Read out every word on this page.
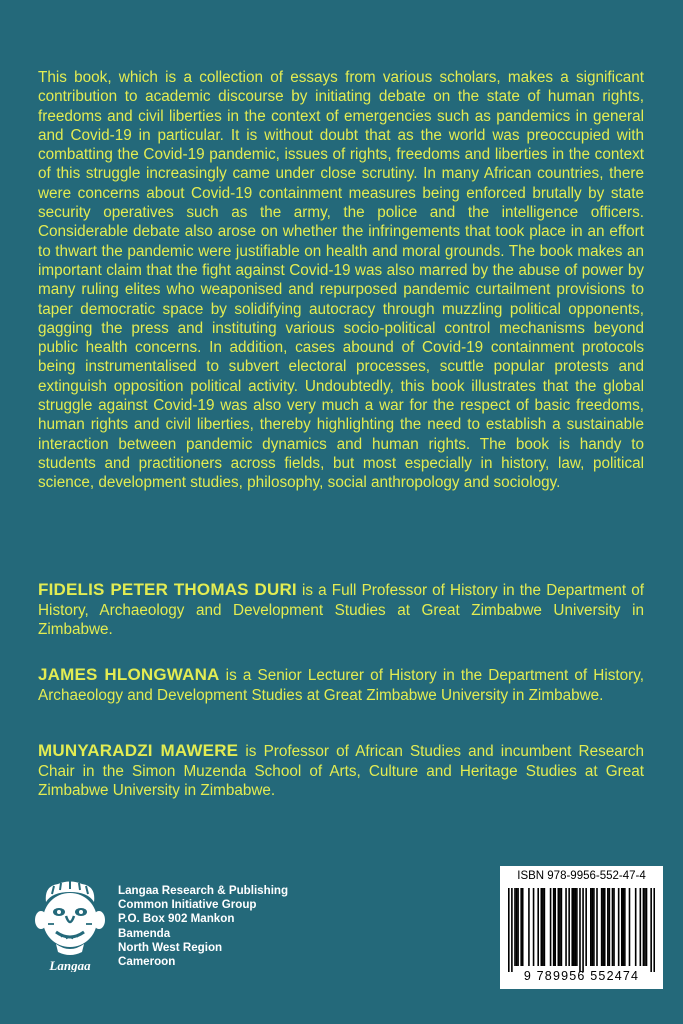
This book, which is a collection of essays from various scholars, makes a significant contribution to academic discourse by initiating debate on the state of human rights, freedoms and civil liberties in the context of emergencies such as pandemics in general and Covid-19 in particular. It is without doubt that as the world was preoccupied with combatting the Covid-19 pandemic, issues of rights, freedoms and liberties in the context of this struggle increasingly came under close scrutiny. In many African countries, there were concerns about Covid-19 containment measures being enforced brutally by state security operatives such as the army, the police and the intelligence officers. Considerable debate also arose on whether the infringements that took place in an effort to thwart the pandemic were justifiable on health and moral grounds. The book makes an important claim that the fight against Covid-19 was also marred by the abuse of power by many ruling elites who weaponised and repurposed pandemic curtailment provisions to taper democratic space by solidifying autocracy through muzzling political opponents, gagging the press and instituting various socio-political control mechanisms beyond public health concerns. In addition, cases abound of Covid-19 containment protocols being instrumentalised to subvert electoral processes, scuttle popular protests and extinguish opposition political activity. Undoubtedly, this book illustrates that the global struggle against Covid-19 was also very much a war for the respect of basic freedoms, human rights and civil liberties, thereby highlighting the need to establish a sustainable interaction between pandemic dynamics and human rights. The book is handy to students and practitioners across fields, but most especially in history, law, political science, development studies, philosophy, social anthropology and sociology.

FIDELIS PETER THOMAS DURI is a Full Professor of History in the Department of History, Archaeology and Development Studies at Great Zimbabwe University in Zimbabwe.

JAMES HLONGWANA is a Senior Lecturer of History in the Department of History, Archaeology and Development Studies at Great Zimbabwe University in Zimbabwe.

MUNYARADZI MAWERE is Professor of African Studies and incumbent Research Chair in the Simon Muzenda School of Arts, Culture and Heritage Studies at Great Zimbabwe University in Zimbabwe.

Langaa
Langaa Research & Publishing
Common Initiative Group
P.O. Box 902 Mankon
Bamenda
North West Region
Cameroon
ISBN 978-9956-552-47-4
9 789956 552474
